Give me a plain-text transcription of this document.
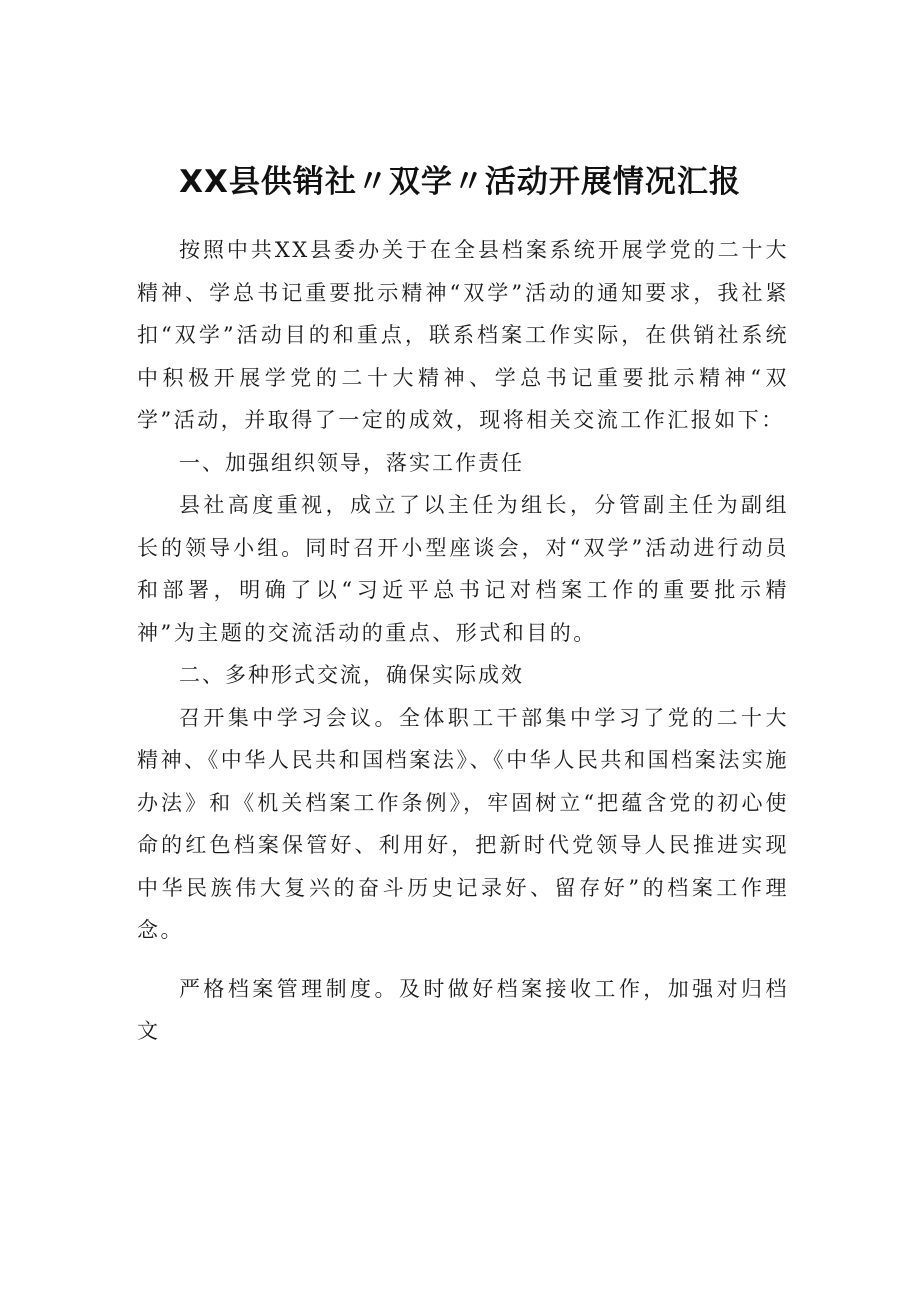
XX县供销社〃双学〃活动开展情况汇报

按照中共XX县委办关于在全县档案系统开展学党的二十大精神、学总书记重要批示精神“双学”活动的通知要求，我社紧扣“双学”活动目的和重点，联系档案工作实际，在供销社系统中积极开展学党的二十大精神、学总书记重要批示精神“双学”活动，并取得了一定的成效，现将相关交流工作汇报如下：

一、加强组织领导，落实工作责任

县社高度重视，成立了以主任为组长，分管副主任为副组长的领导小组。同时召开小型座谈会，对“双学”活动进行动员和部署，明确了以“习近平总书记对档案工作的重要批示精神”为主题的交流活动的重点、形式和目的。

二、多种形式交流，确保实际成效

召开集中学习会议。全体职工干部集中学习了党的二十大精神、《中华人民共和国档案法》、《中华人民共和国档案法实施办法》和《机关档案工作条例》，牢固树立“把蕴含党的初心使命的红色档案保管好、利用好，把新时代党领导人民推进实现中华民族伟大复兴的奋斗历史记录好、留存好”的档案工作理念。

严格档案管理制度。及时做好档案接收工作，加强对归档文
